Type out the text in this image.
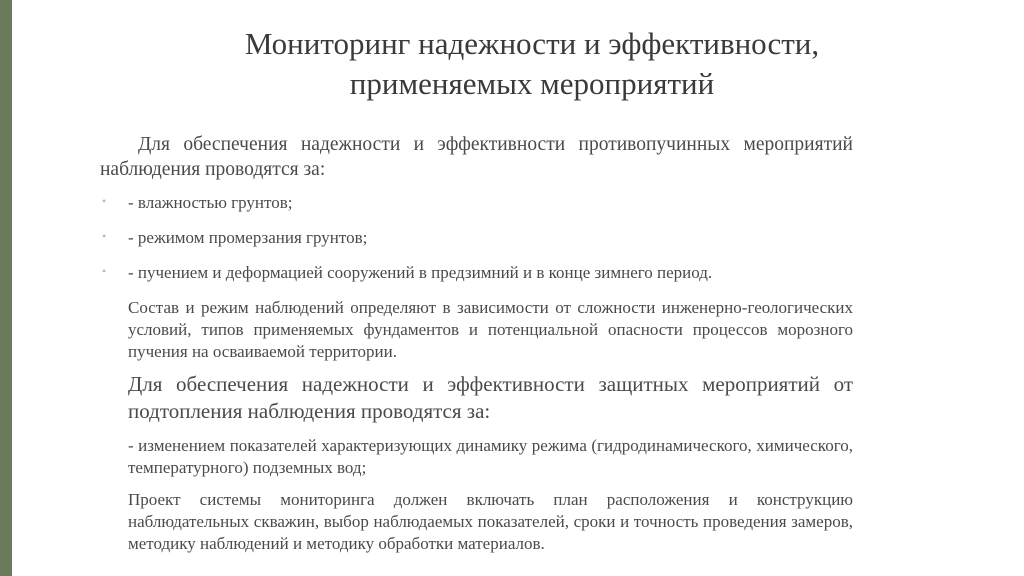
Мониторинг надежности и эффективности,
применяемых мероприятий

Для обеспечения надежности и эффективности противопучинных мероприятий наблюдения проводятся за:

• - влажностью грунтов;
• - режимом промерзания грунтов;
• - пучением и деформацией сооружений в предзимний и в конце зимнего период.

Состав и режим наблюдений определяют в зависимости от сложности инженерно-геологических условий, типов применяемых фундаментов и потенциальной опасности процессов морозного пучения на осваиваемой территории.

Для обеспечения надежности и эффективности защитных мероприятий от подтопления наблюдения проводятся за:

- изменением показателей характеризующих динамику режима (гидродинамического, химического, температурного) подземных вод;

Проект системы мониторинга должен включать план расположения и конструкцию наблюдательных скважин, выбор наблюдаемых показателей, сроки и точность проведения замеров, методику наблюдений и методику обработки материалов.
